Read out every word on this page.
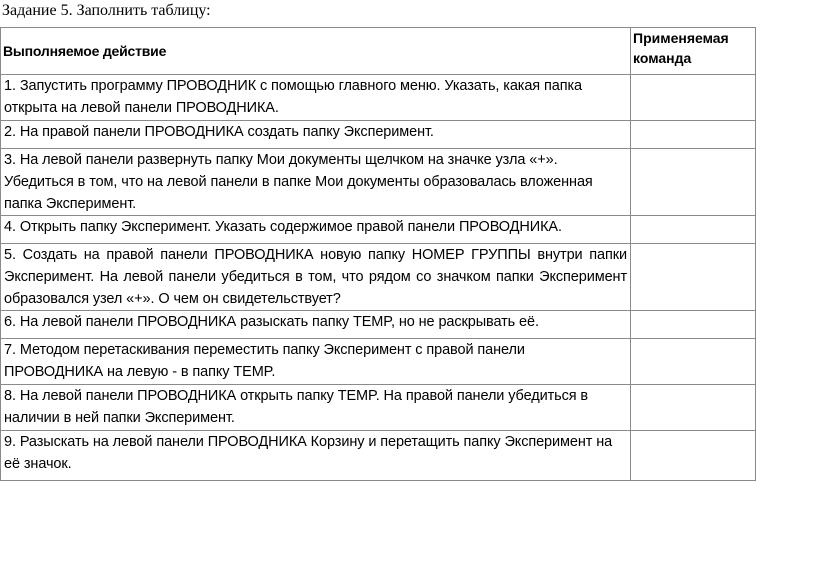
Задание 5. Заполнить таблицу:
Выполняемое действие	Применяемая команда
1. Запустить программу ПРОВОДНИК с помощью главного меню. Указать, какая папка открыта на левой панели ПРОВОДНИКА.	
2. На правой панели ПРОВОДНИКА создать папку Эксперимент.	
3. На левой панели развернуть папку Мои документы щелчком на значке узла «+». Убедиться в том, что на левой панели в папке Мои документы образовалась вложенная папка Эксперимент.	
4. Открыть папку Эксперимент. Указать содержимое правой панели ПРОВОДНИКА.	
5. Создать на правой панели ПРОВОДНИКА новую папку НОМЕР ГРУППЫ внутри папки Эксперимент. На левой панели убедиться в том, что рядом со значком папки Эксперимент образовался узел «+». О чем он свидетельствует?	
6. На левой панели ПРОВОДНИКА разыскать папку TEMP, но не раскрывать её.	
7. Методом перетаскивания переместить папку Эксперимент с правой панели ПРОВОДНИКА на левую - в папку TEMP.	
8. На левой панели ПРОВОДНИКА открыть папку TEMP. На правой панели убедиться в наличии в ней папки Эксперимент.	
9. Разыскать на левой панели ПРОВОДНИКА Корзину и перетащить папку Эксперимент на её значок.	
